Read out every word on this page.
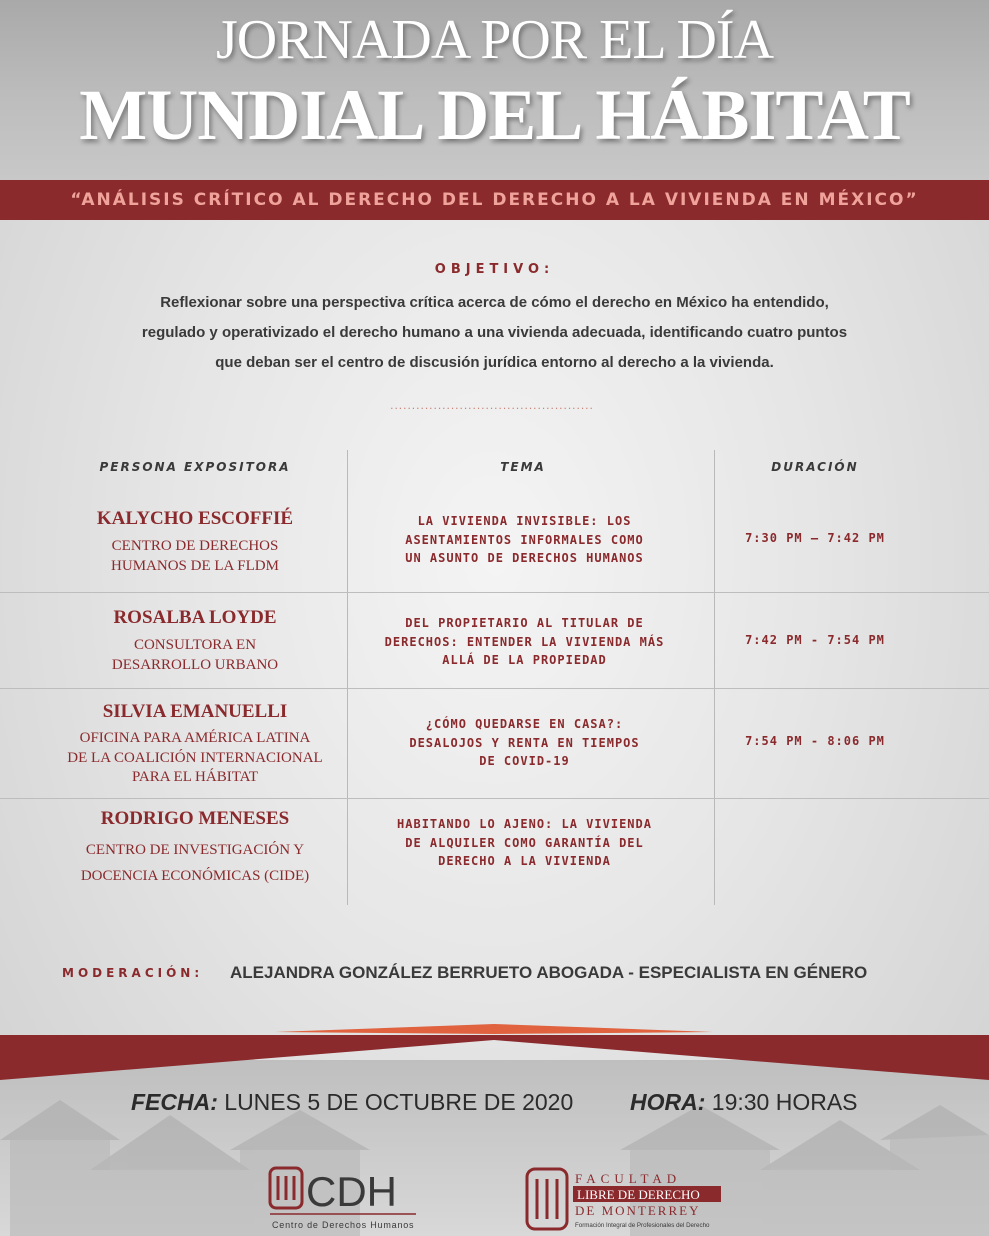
JORNADA POR EL DÍA
MUNDIAL DEL HÁBITAT
“ANÁLISIS CRÍTICO AL DERECHO DEL DERECHO A LA VIVIENDA EN MÉXICO”
OBJETIVO:
Reflexionar sobre una perspectiva crítica acerca de cómo el derecho en México ha entendido,
regulado y operativizado el derecho humano a una vivienda adecuada, identificando cuatro puntos
que deban ser el centro de discusión jurídica entorno al derecho a la vivienda.
...............................................
PERSONA EXPOSITORA	TEMA	DURACIÓN
KALYCHO ESCOFFIÉ
CENTRO DE DERECHOS
HUMANOS DE LA FLDM
LA VIVIENDA INVISIBLE: LOS
ASENTAMIENTOS INFORMALES COMO
UN ASUNTO DE DERECHOS HUMANOS
7:30 PM – 7:42 PM
ROSALBA LOYDE
CONSULTORA EN
DESARROLLO URBANO
DEL PROPIETARIO AL TITULAR DE
DERECHOS: ENTENDER LA VIVIENDA MÁS
ALLÁ DE LA PROPIEDAD
7:42 PM - 7:54 PM
SILVIA EMANUELLI
OFICINA PARA AMÉRICA LATINA
DE LA COALICIÓN INTERNACIONAL
PARA EL HÁBITAT
¿CÓMO QUEDARSE EN CASA?:
DESALOJOS Y RENTA EN TIEMPOS
DE COVID-19
7:54 PM - 8:06 PM
RODRIGO MENESES
CENTRO DE INVESTIGACIÓN Y
DOCENCIA ECONÓMICAS (CIDE)
HABITANDO LO AJENO: LA VIVIENDA
DE ALQUILER COMO GARANTÍA DEL
DERECHO A LA VIVIENDA
MODERACIÓN: ALEJANDRA GONZÁLEZ BERRUETO ABOGADA - ESPECIALISTA EN GÉNERO
FECHA: LUNES 5 DE OCTUBRE DE 2020 HORA: 19:30 HORAS
CDH
Centro de Derechos Humanos
FACULTAD
LIBRE DE DERECHO
DE MONTERREY
Formación Integral de Profesionales del Derecho
